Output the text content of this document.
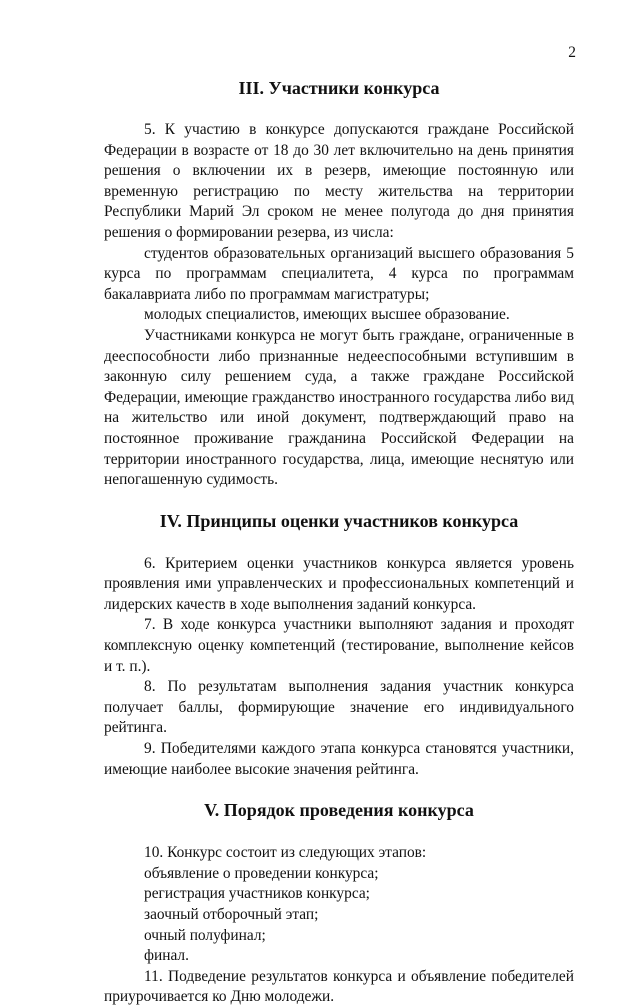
2
III. Участники конкурса

5. К участию в конкурсе допускаются граждане Российской Федерации в возрасте от 18 до 30 лет включительно на день принятия решения о включении их в резерв, имеющие постоянную или временную регистрацию по месту жительства на территории Республики Марий Эл сроком не менее полугода до дня принятия решения о формировании резерва, из числа:

студентов образовательных организаций высшего образования 5 курса по программам специалитета, 4 курса по программам бакалавриата либо по программам магистратуры;

молодых специалистов, имеющих высшее образование.

Участниками конкурса не могут быть граждане, ограниченные в дееспособности либо признанные недееспособными вступившим в законную силу решением суда, а также граждане Российской Федерации, имеющие гражданство иностранного государства либо вид на жительство или иной документ, подтверждающий право на постоянное проживание гражданина Российской Федерации на территории иностранного государства, лица, имеющие неснятую или непогашенную судимость.

IV. Принципы оценки участников конкурса

6. Критерием оценки участников конкурса является уровень проявления ими управленческих и профессиональных компетенций и лидерских качеств в ходе выполнения заданий конкурса.

7. В ходе конкурса участники выполняют задания и проходят комплексную оценку компетенций (тестирование, выполнение кейсов и т. п.).

8. По результатам выполнения задания участник конкурса получает баллы, формирующие значение его индивидуального рейтинга.

9. Победителями каждого этапа конкурса становятся участники, имеющие наиболее высокие значения рейтинга.

V. Порядок проведения конкурса

10. Конкурс состоит из следующих этапов:

объявление о проведении конкурса;

регистрация участников конкурса;

заочный отборочный этап;

очный полуфинал;

финал.

11. Подведение результатов конкурса и объявление победителей приурочивается ко Дню молодежи.
